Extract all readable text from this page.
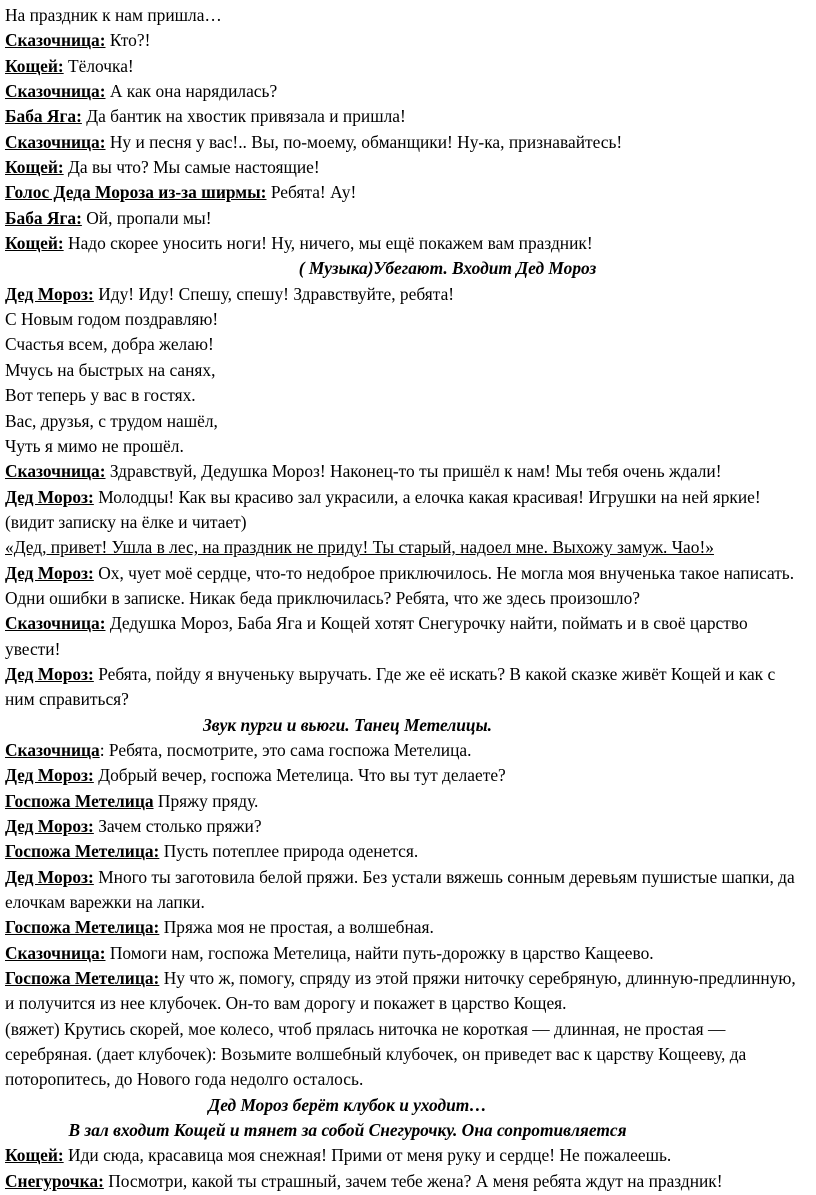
На праздник к нам пришла…

Сказочница: Кто?!

Кощей: Тёлочка!

Сказочница: А как она нарядилась?

Баба Яга: Да бантик на хвостик привязала и пришла!

Сказочница: Ну и песня у вас!.. Вы, по-моему, обманщики! Ну-ка, признавайтесь!

Кощей: Да вы что? Мы самые настоящие!

Голос Деда Мороза из-за ширмы: Ребята! Ау!

Баба Яга: Ой, пропали мы!

Кощей: Надо скорее уносить ноги! Ну, ничего, мы ещё покажем вам праздник!

( Музыка)Убегают. Входит Дед Мороз

Дед Мороз: Иду! Иду! Спешу, спешу! Здравствуйте, ребята!

С Новым годом поздравляю!

Счастья всем, добра желаю!

Мчусь на быстрых на санях,

Вот теперь у вас в гостях.

Вас, друзья, с трудом нашёл,

Чуть я мимо не прошёл.

Сказочница: Здравствуй, Дедушка Мороз! Наконец-то ты пришёл к нам! Мы тебя очень ждали!

Дед Мороз: Молодцы! Как вы красиво зал украсили, а елочка какая красивая! Игрушки на ней яркие! (видит записку на ёлке и читает)

«Дед, привет! Ушла в лес, на праздник не приду! Ты старый, надоел мне. Выхожу замуж. Чао!»

Дед Мороз: Ох, чует моё сердце, что-то недоброе приключилось. Не могла моя внученька такое написать. Одни ошибки в записке. Никак беда приключилась? Ребята, что же здесь произошло?

Сказочница: Дедушка Мороз, Баба Яга и Кощей хотят Снегурочку найти, поймать и в своё царство увести!

Дед Мороз: Ребята, пойду я внученьку выручать. Где же её искать? В какой сказке живёт Кощей и как с ним справиться?

Звук пурги и вьюги. Танец Метелицы.

Сказочница: Ребята, посмотрите, это сама госпожа Метелица.

Дед Мороз: Добрый вечер, госпожа Метелица. Что вы тут делаете?

Госпожа Метелица Пряжу пряду.

Дед Мороз: Зачем столько пряжи?

Госпожа Метелица: Пусть потеплее природа оденется.

Дед Мороз: Много ты заготовила белой пряжи. Без устали вяжешь сонным деревьям пушистые шапки, да елочкам варежки на лапки.

Госпожа Метелица: Пряжа моя не простая, а волшебная.

Сказочница: Помоги нам, госпожа Метелица, найти путь-дорожку в царство Кащеево.

Госпожа Метелица: Ну что ж, помогу, спряду из этой пряжи ниточку серебряную, длинную-предлинную, и получится из нее клубочек. Он-то вам дорогу и покажет в царство Кощея.

(вяжет) Крутись скорей, мое колесо, чтоб прялась ниточка не короткая — длинная, не простая — серебряная. (дает клубочек): Возьмите волшебный клубочек, он приведет вас к царству Кощееву, да поторопитесь, до Нового года недолго осталось.

Дед Мороз берёт клубок и уходит…

В зал входит Кощей и тянет за собой Снегурочку. Она сопротивляется

Кощей: Иди сюда, красавица моя снежная! Прими от меня руку и сердце! Не пожалеешь.

Снегурочка: Посмотри, какой ты страшный, зачем тебе жена? А меня ребята ждут на праздник!
